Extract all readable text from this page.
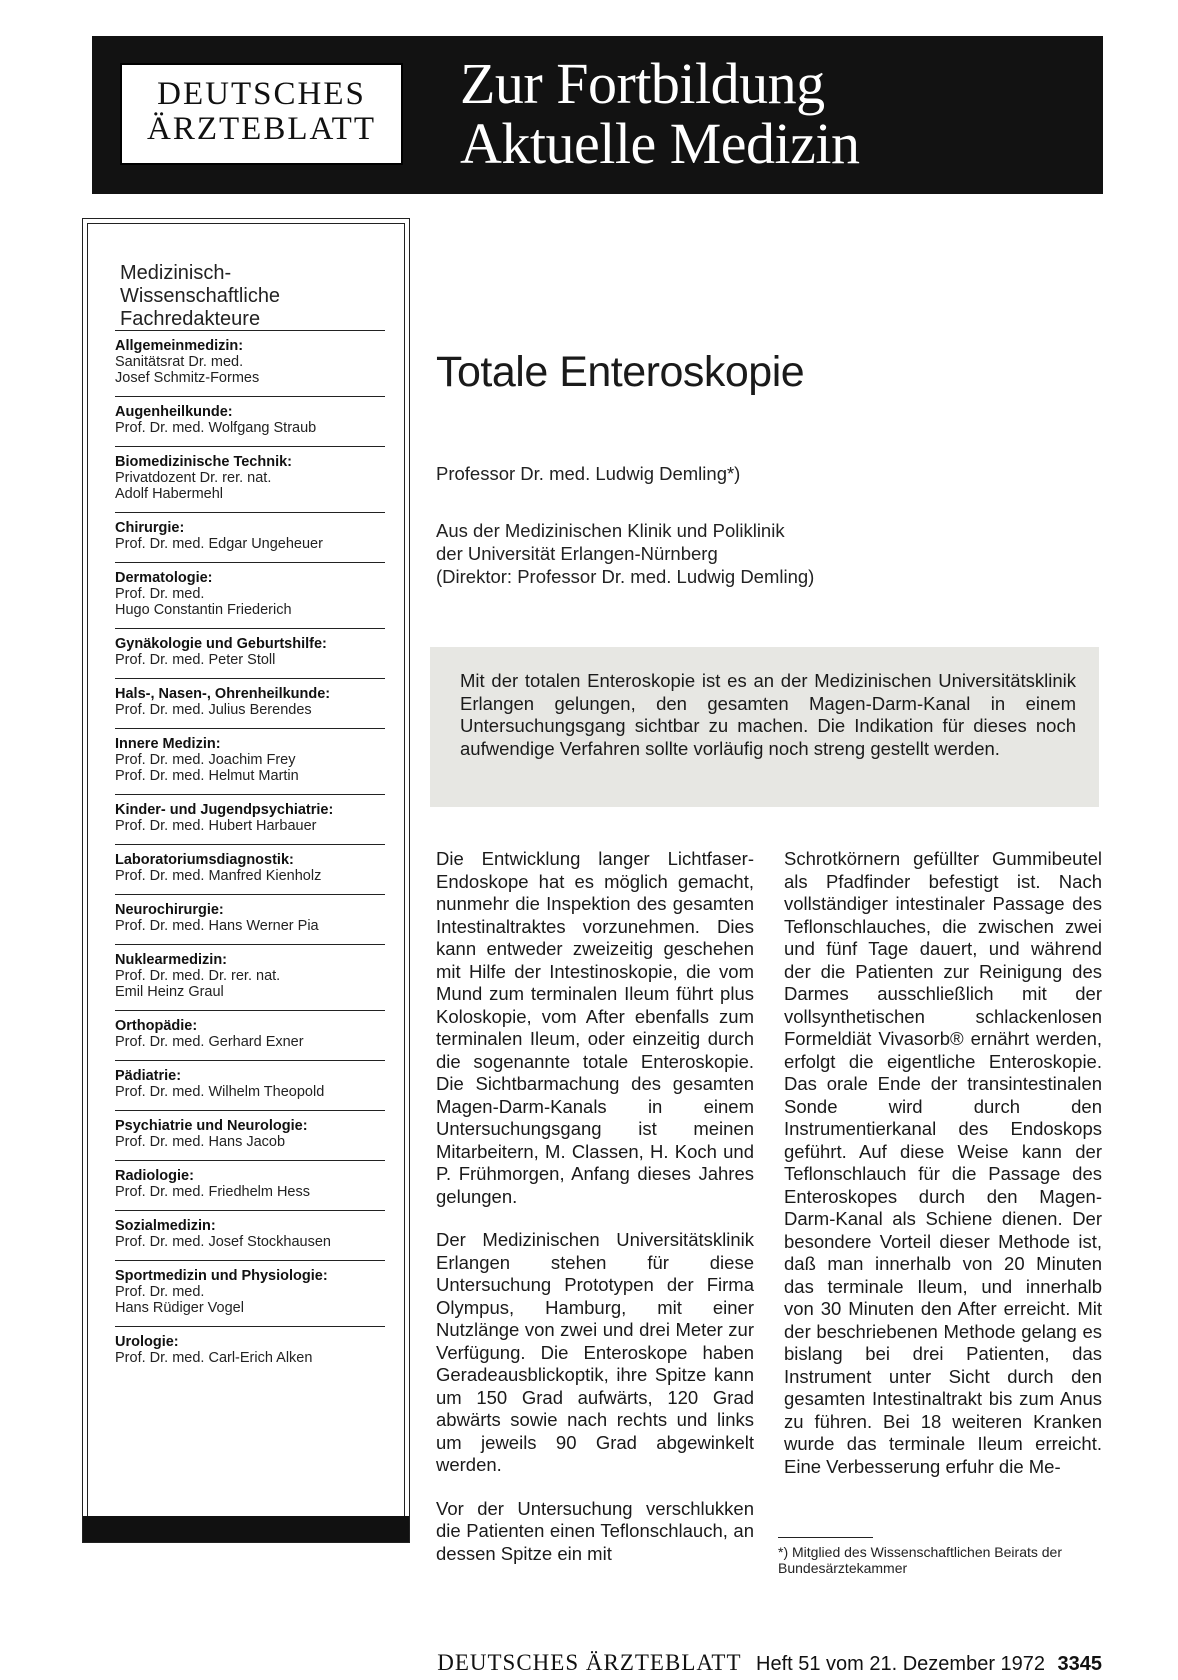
DEUTSCHES
ÄRZTEBLATT
Zur Fortbildung
Aktuelle Medizin
Medizinisch-
Wissenschaftliche
Fachredakteure
Allgemeinmedizin:
Sanitätsrat Dr. med.
Josef Schmitz-Formes
Augenheilkunde:
Prof. Dr. med. Wolfgang Straub
Biomedizinische Technik:
Privatdozent Dr. rer. nat.
Adolf Habermehl
Chirurgie:
Prof. Dr. med. Edgar Ungeheuer
Dermatologie:
Prof. Dr. med.
Hugo Constantin Friederich
Gynäkologie und Geburtshilfe:
Prof. Dr. med. Peter Stoll
Hals-, Nasen-, Ohrenheilkunde:
Prof. Dr. med. Julius Berendes
Innere Medizin:
Prof. Dr. med. Joachim Frey
Prof. Dr. med. Helmut Martin
Kinder- und Jugendpsychiatrie:
Prof. Dr. med. Hubert Harbauer
Laboratoriumsdiagnostik:
Prof. Dr. med. Manfred Kienholz
Neurochirurgie:
Prof. Dr. med. Hans Werner Pia
Nuklearmedizin:
Prof. Dr. med. Dr. rer. nat.
Emil Heinz Graul
Orthopädie:
Prof. Dr. med. Gerhard Exner
Pädiatrie:
Prof. Dr. med. Wilhelm Theopold
Psychiatrie und Neurologie:
Prof. Dr. med. Hans Jacob
Radiologie:
Prof. Dr. med. Friedhelm Hess
Sozialmedizin:
Prof. Dr. med. Josef Stockhausen
Sportmedizin und Physiologie:
Prof. Dr. med.
Hans Rüdiger Vogel
Urologie:
Prof. Dr. med. Carl-Erich Alken
Totale Enteroskopie
Professor Dr. med. Ludwig Demling*)
Aus der Medizinischen Klinik und Poliklinik
der Universität Erlangen-Nürnberg
(Direktor: Professor Dr. med. Ludwig Demling)
Mit der totalen Enteroskopie ist es an der Medizinischen Universitätsklinik Erlangen gelungen, den gesamten Magen-Darm-Kanal in einem Untersuchungsgang sichtbar zu machen. Die Indikation für dieses noch aufwendige Verfahren sollte vorläufig noch streng gestellt werden.

Die Entwicklung langer Lichtfaser-Endoskope hat es möglich gemacht, nunmehr die Inspektion des gesamten Intestinaltraktes vorzunehmen. Dies kann entweder zweizeitig geschehen mit Hilfe der Intestinoskopie, die vom Mund zum terminalen Ileum führt plus Koloskopie, vom After ebenfalls zum terminalen Ileum, oder einzeitig durch die sogenannte totale Enteroskopie. Die Sichtbarmachung des gesamten Magen-Darm-Kanals in einem Untersuchungsgang ist meinen Mitarbeitern, M. Classen, H. Koch und P. Frühmorgen, Anfang dieses Jahres gelungen.

Der Medizinischen Universitätsklinik Erlangen stehen für diese Untersuchung Prototypen der Firma Olympus, Hamburg, mit einer Nutzlänge von zwei und drei Meter zur Verfügung. Die Enteroskope haben Geradeausblickoptik, ihre Spitze kann um 150 Grad aufwärts, 120 Grad abwärts sowie nach rechts und links um jeweils 90 Grad abgewinkelt werden.

Vor der Untersuchung verschlukken die Patienten einen Teflonschlauch, an dessen Spitze ein mit

Schrotkörnern gefüllter Gummibeutel als Pfadfinder befestigt ist. Nach vollständiger intestinaler Passage des Teflonschlauches, die zwischen zwei und fünf Tage dauert, und während der die Patienten zur Reinigung des Darmes ausschließlich mit der vollsynthetischen schlackenlosen Formeldiät Vivasorb® ernährt werden, erfolgt die eigentliche Enteroskopie. Das orale Ende der transintestinalen Sonde wird durch den Instrumentierkanal des Endoskops geführt. Auf diese Weise kann der Teflonschlauch für die Passage des Enteroskopes durch den Magen-Darm-Kanal als Schiene dienen. Der besondere Vorteil dieser Methode ist, daß man innerhalb von 20 Minuten das terminale Ileum, und innerhalb von 30 Minuten den After erreicht. Mit der beschriebenen Methode gelang es bislang bei drei Patienten, das Instrument unter Sicht durch den gesamten Intestinaltrakt bis zum Anus zu führen. Bei 18 weiteren Kranken wurde das terminale Ileum erreicht. Eine Verbesserung erfuhr die Me-

*) Mitglied des Wissenschaftlichen Beirats der Bundesärztekammer
DEUTSCHES ÄRZTEBLATT Heft 51 vom 21. Dezember 1972 3345
